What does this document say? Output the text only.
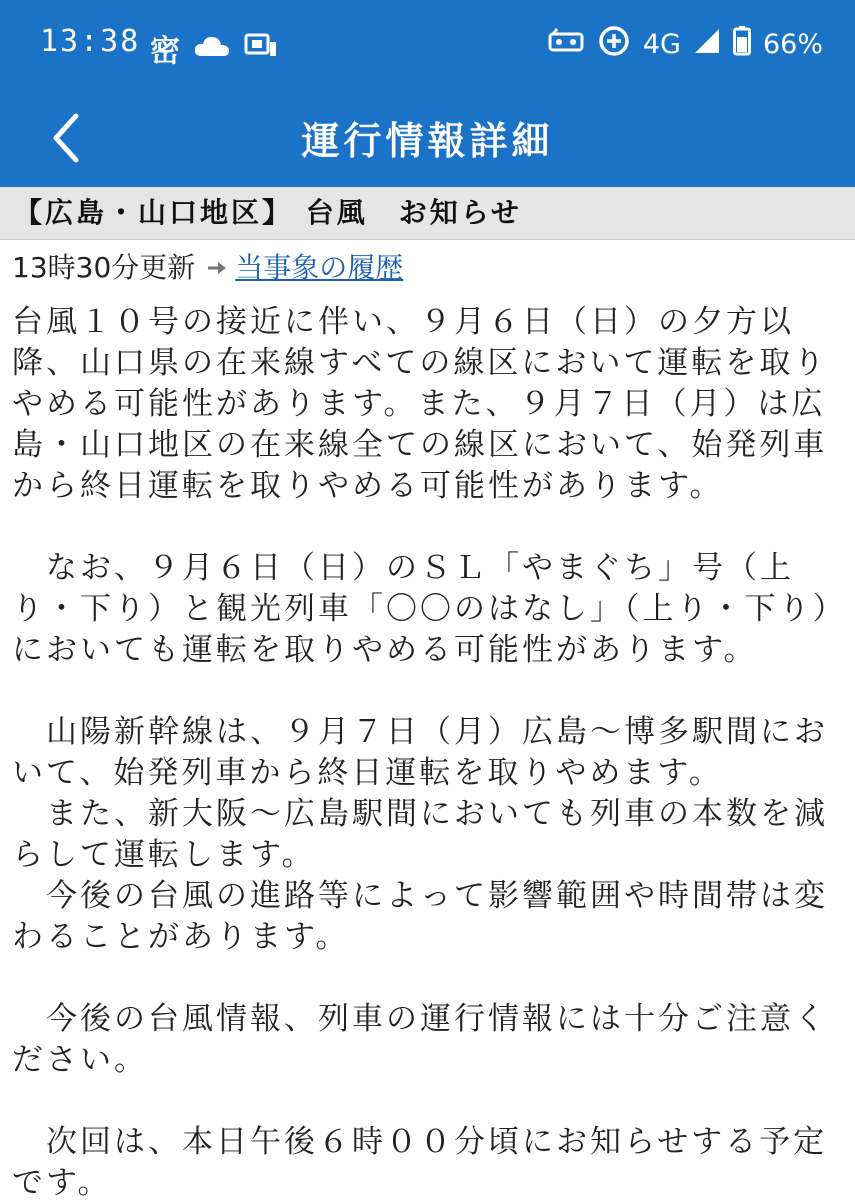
13:38 密	4G	66%
運行情報詳細
【広島・山口地区】 台風　お知らせ
13時30分更新 当事象の履歴

台風１０号の接近に伴い、９月６日（日）の夕方以降、山口県の在来線すべての線区において運転を取りやめる可能性があります。また、９月７日（月）は広島・山口地区の在来線全ての線区において、始発列車から終日運転を取りやめる可能性があります。

　なお、９月６日（日）のＳＬ「やまぐち」号（上り・下り）と観光列車「〇〇のはなし」（上り・下り）においても運転を取りやめる可能性があります。

　山陽新幹線は、９月７日（月）広島～博多駅間において、始発列車から終日運転を取りやめます。
　また、新大阪～広島駅間においても列車の本数を減らして運転します。
　今後の台風の進路等によって影響範囲や時間帯は変わることがあります。

　今後の台風情報、列車の運行情報には十分ご注意ください。

　次回は、本日午後６時００分頃にお知らせする予定です。
